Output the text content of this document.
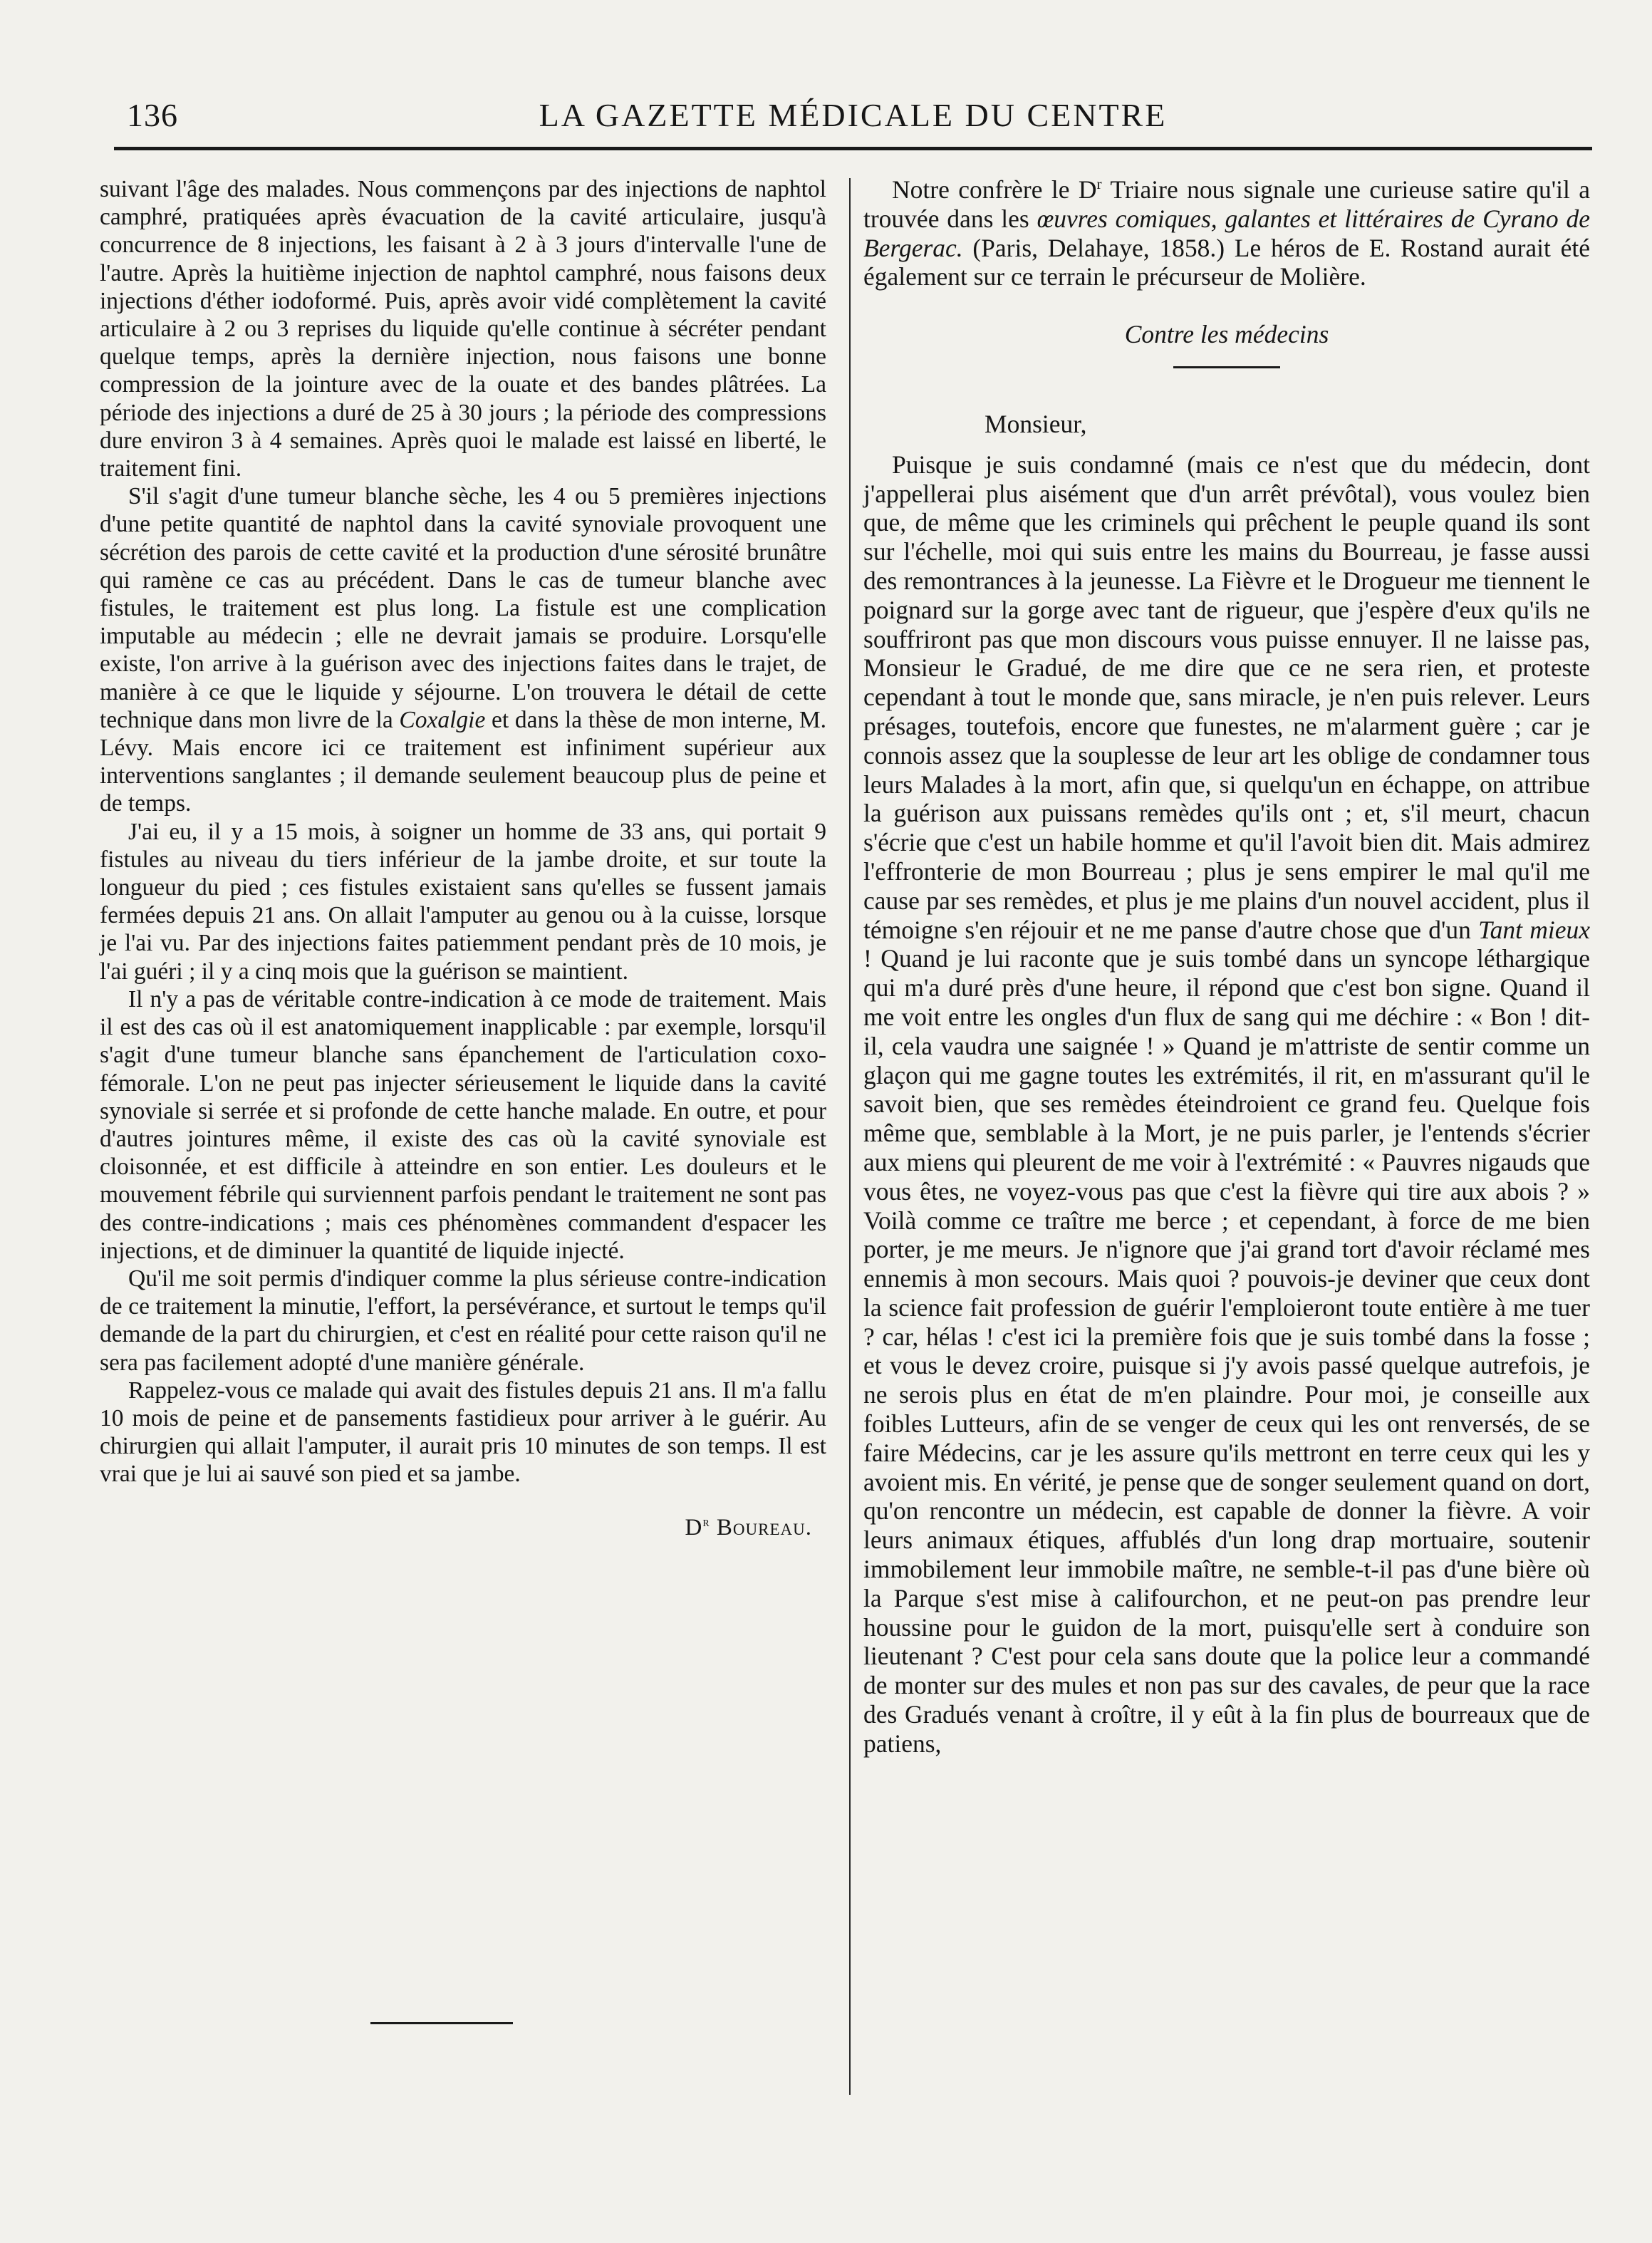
136	LA GAZETTE MÉDICALE DU CENTRE

suivant l'âge des malades. Nous commençons par des injections de naphtol camphré, pratiquées après évacuation de la cavité articulaire, jusqu'à concurrence de 8 injections, les faisant à 2 à 3 jours d'intervalle l'une de l'autre. Après la huitième injection de naphtol camphré, nous faisons deux injections d'éther iodoformé. Puis, après avoir vidé complètement la cavité articulaire à 2 ou 3 reprises du liquide qu'elle continue à sécréter pendant quelque temps, après la dernière injection, nous faisons une bonne compression de la jointure avec de la ouate et des bandes plâtrées. La période des injections a duré de 25 à 30 jours ; la période des compressions dure environ 3 à 4 semaines. Après quoi le malade est laissé en liberté, le traitement fini.

S'il s'agit d'une tumeur blanche sèche, les 4 ou 5 premières injections d'une petite quantité de naphtol dans la cavité synoviale provoquent une sécrétion des parois de cette cavité et la production d'une sérosité brunâtre qui ramène ce cas au précédent. Dans le cas de tumeur blanche avec fistules, le traitement est plus long. La fistule est une complication imputable au médecin ; elle ne devrait jamais se produire. Lorsqu'elle existe, l'on arrive à la guérison avec des injections faites dans le trajet, de manière à ce que le liquide y séjourne. L'on trouvera le détail de cette technique dans mon livre de la Coxalgie et dans la thèse de mon interne, M. Lévy. Mais encore ici ce traitement est infiniment supérieur aux interventions sanglantes ; il demande seulement beaucoup plus de peine et de temps.

J'ai eu, il y a 15 mois, à soigner un homme de 33 ans, qui portait 9 fistules au niveau du tiers inférieur de la jambe droite, et sur toute la longueur du pied ; ces fistules existaient sans qu'elles se fussent jamais fermées depuis 21 ans. On allait l'amputer au genou ou à la cuisse, lorsque je l'ai vu. Par des injections faites patiemment pendant près de 10 mois, je l'ai guéri ; il y a cinq mois que la guérison se maintient.

Il n'y a pas de véritable contre-indication à ce mode de traitement. Mais il est des cas où il est anatomiquement inapplicable : par exemple, lorsqu'il s'agit d'une tumeur blanche sans épanchement de l'articulation coxo-fémorale. L'on ne peut pas injecter sérieusement le liquide dans la cavité synoviale si serrée et si profonde de cette hanche malade. En outre, et pour d'autres jointures même, il existe des cas où la cavité synoviale est cloisonnée, et est difficile à atteindre en son entier. Les douleurs et le mouvement fébrile qui surviennent parfois pendant le traitement ne sont pas des contre-indications ; mais ces phénomènes commandent d'espacer les injections, et de diminuer la quantité de liquide injecté.

Qu'il me soit permis d'indiquer comme la plus sérieuse contre-indication de ce traitement la minutie, l'effort, la persévérance, et surtout le temps qu'il demande de la part du chirurgien, et c'est en réalité pour cette raison qu'il ne sera pas facilement adopté d'une manière générale.

Rappelez-vous ce malade qui avait des fistules depuis 21 ans. Il m'a fallu 10 mois de peine et de pansements fastidieux pour arriver à le guérir. Au chirurgien qui allait l'amputer, il aurait pris 10 minutes de son temps. Il est vrai que je lui ai sauvé son pied et sa jambe.

$D^r$ Boureau.

Notre confrère le $D^r$ Triaire nous signale une curieuse satire qu'il a trouvée dans les œuvres comiques, galantes et littéraires de Cyrano de Bergerac. (Paris, Delahaye, 1858.) Le héros de E. Rostand aurait été également sur ce terrain le précurseur de Molière.

Contre les médecins

Monsieur,

Puisque je suis condamné (mais ce n'est que du médecin, dont j'appellerai plus aisément que d'un arrêt prévôtal), vous voulez bien que, de même que les criminels qui prêchent le peuple quand ils sont sur l'échelle, moi qui suis entre les mains du Bourreau, je fasse aussi des remontrances à la jeunesse. La Fièvre et le Drogueur me tiennent le poignard sur la gorge avec tant de rigueur, que j'espère d'eux qu'ils ne souffriront pas que mon discours vous puisse ennuyer. Il ne laisse pas, Monsieur le Gradué, de me dire que ce ne sera rien, et proteste cependant à tout le monde que, sans miracle, je n'en puis relever. Leurs présages, toutefois, encore que funestes, ne m'alarment guère ; car je connois assez que la souplesse de leur art les oblige de condamner tous leurs Malades à la mort, afin que, si quelqu'un en échappe, on attribue la guérison aux puissans remèdes qu'ils ont ; et, s'il meurt, chacun s'écrie que c'est un habile homme et qu'il l'avoit bien dit. Mais admirez l'effronterie de mon Bourreau ; plus je sens empirer le mal qu'il me cause par ses remèdes, et plus je me plains d'un nouvel accident, plus il témoigne s'en réjouir et ne me panse d'autre chose que d'un Tant mieux ! Quand je lui raconte que je suis tombé dans un syncope léthargique qui m'a duré près d'une heure, il répond que c'est bon signe. Quand il me voit entre les ongles d'un flux de sang qui me déchire : « Bon ! dit-il, cela vaudra une saignée ! » Quand je m'attriste de sentir comme un glaçon qui me gagne toutes les extrémités, il rit, en m'assurant qu'il le savoit bien, que ses remèdes éteindroient ce grand feu. Quelque fois même que, semblable à la Mort, je ne puis parler, je l'entends s'écrier aux miens qui pleurent de me voir à l'extrémité : « Pauvres nigauds que vous êtes, ne voyez-vous pas que c'est la fièvre qui tire aux abois ? » Voilà comme ce traître me berce ; et cependant, à force de me bien porter, je me meurs. Je n'ignore que j'ai grand tort d'avoir réclamé mes ennemis à mon secours. Mais quoi ? pouvois-je deviner que ceux dont la science fait profession de guérir l'emploieront toute entière à me tuer ? car, hélas ! c'est ici la première fois que je suis tombé dans la fosse ; et vous le devez croire, puisque si j'y avois passé quelque autrefois, je ne serois plus en état de m'en plaindre. Pour moi, je conseille aux foibles Lutteurs, afin de se venger de ceux qui les ont renversés, de se faire Médecins, car je les assure qu'ils mettront en terre ceux qui les y avoient mis. En vérité, je pense que de songer seulement quand on dort, qu'on rencontre un médecin, est capable de donner la fièvre. A voir leurs animaux étiques, affublés d'un long drap mortuaire, soutenir immobilement leur immobile maître, ne semble-t-il pas d'une bière où la Parque s'est mise à califourchon, et ne peut-on pas prendre leur houssine pour le guidon de la mort, puisqu'elle sert à conduire son lieutenant ? C'est pour cela sans doute que la police leur a commandé de monter sur des mules et non pas sur des cavales, de peur que la race des Gradués venant à croître, il y eût à la fin plus de bourreaux que de patiens,
